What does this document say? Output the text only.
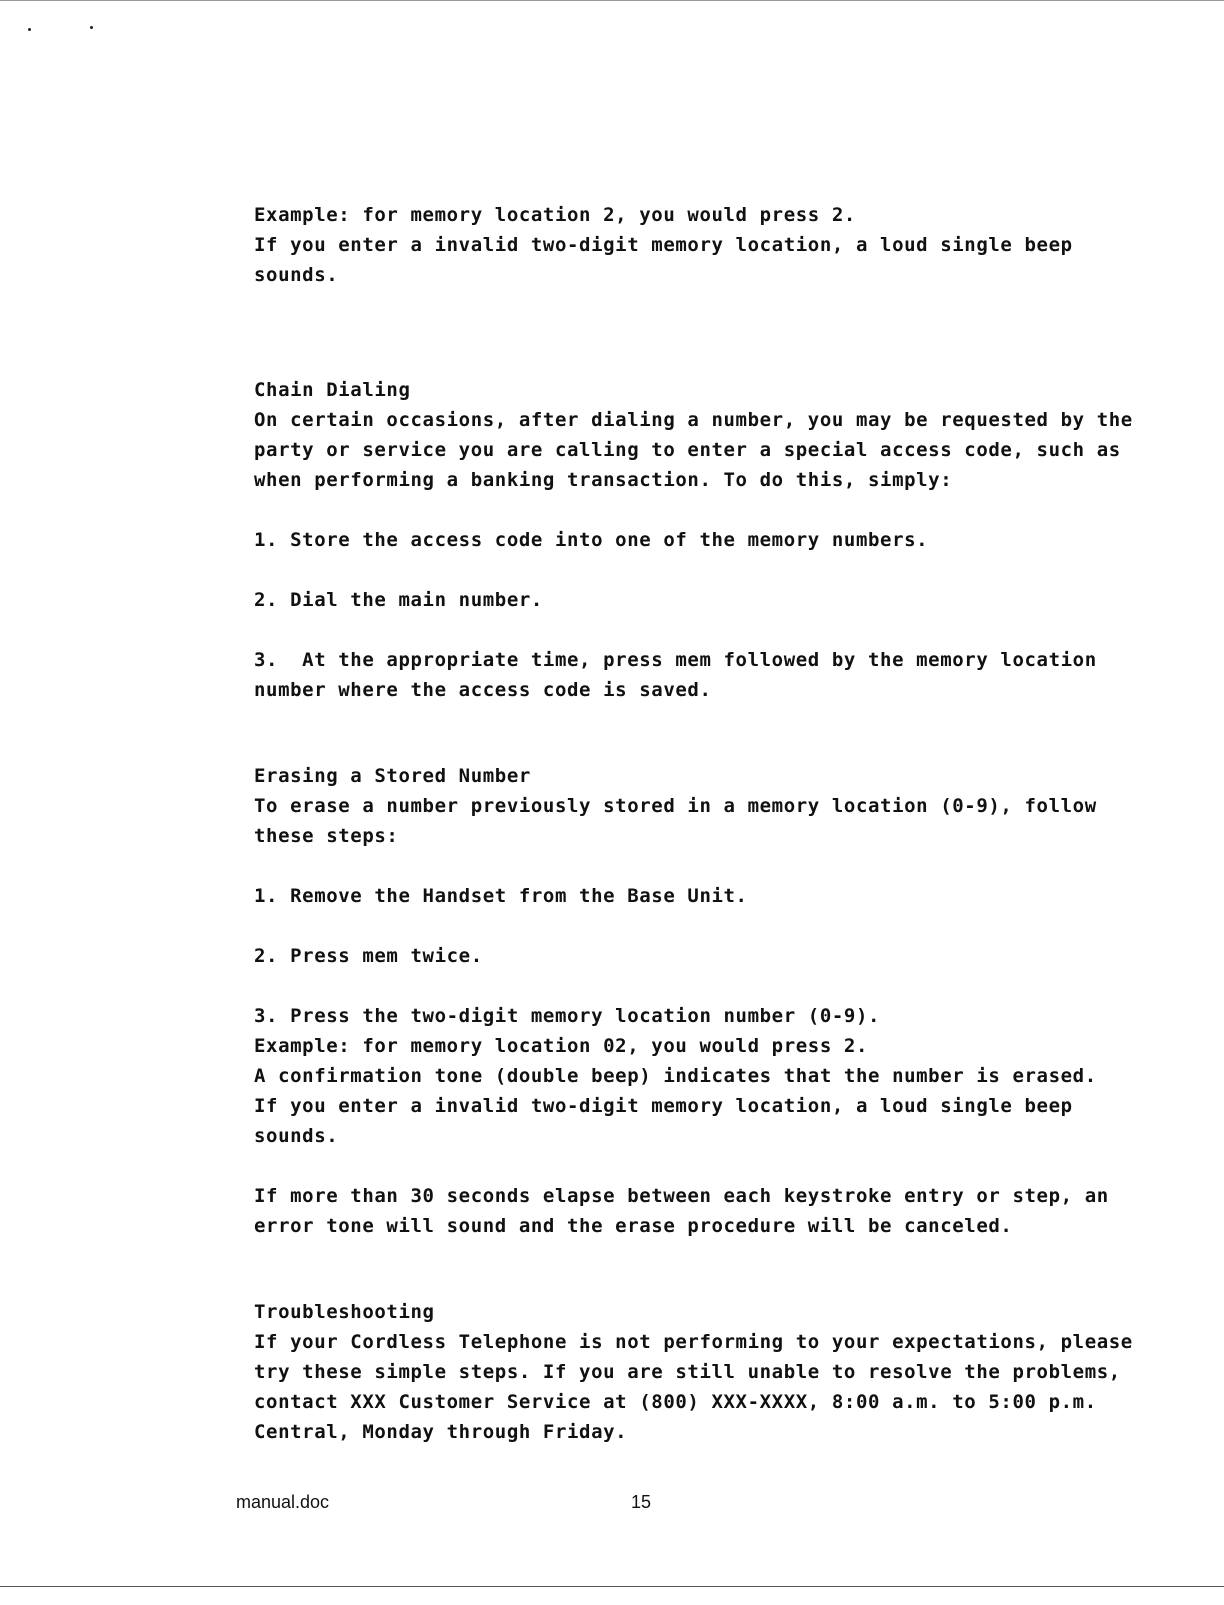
Example: for memory location 2, you would press 2.
If you enter a invalid two-digit memory location, a loud single beep
sounds.
Chain Dialing
On certain occasions, after dialing a number, you may be requested by the
party or service you are calling to enter a special access code, such as
when performing a banking transaction. To do this, simply:
1. Store the access code into one of the memory numbers.
2. Dial the main number.
3.  At the appropriate time, press mem followed by the memory location
number where the access code is saved.
Erasing a Stored Number
To erase a number previously stored in a memory location (0-9), follow
these steps:
1. Remove the Handset from the Base Unit.
2. Press mem twice.
3. Press the two-digit memory location number (0-9).
Example: for memory location 02, you would press 2.
A confirmation tone (double beep) indicates that the number is erased.
If you enter a invalid two-digit memory location, a loud single beep
sounds.
If more than 30 seconds elapse between each keystroke entry or step, an
error tone will sound and the erase procedure will be canceled.
Troubleshooting
If your Cordless Telephone is not performing to your expectations, please
try these simple steps. If you are still unable to resolve the problems,
contact XXX Customer Service at (800) XXX-XXXX, 8:00 a.m. to 5:00 p.m.
Central, Monday through Friday.
manual.doc	15
